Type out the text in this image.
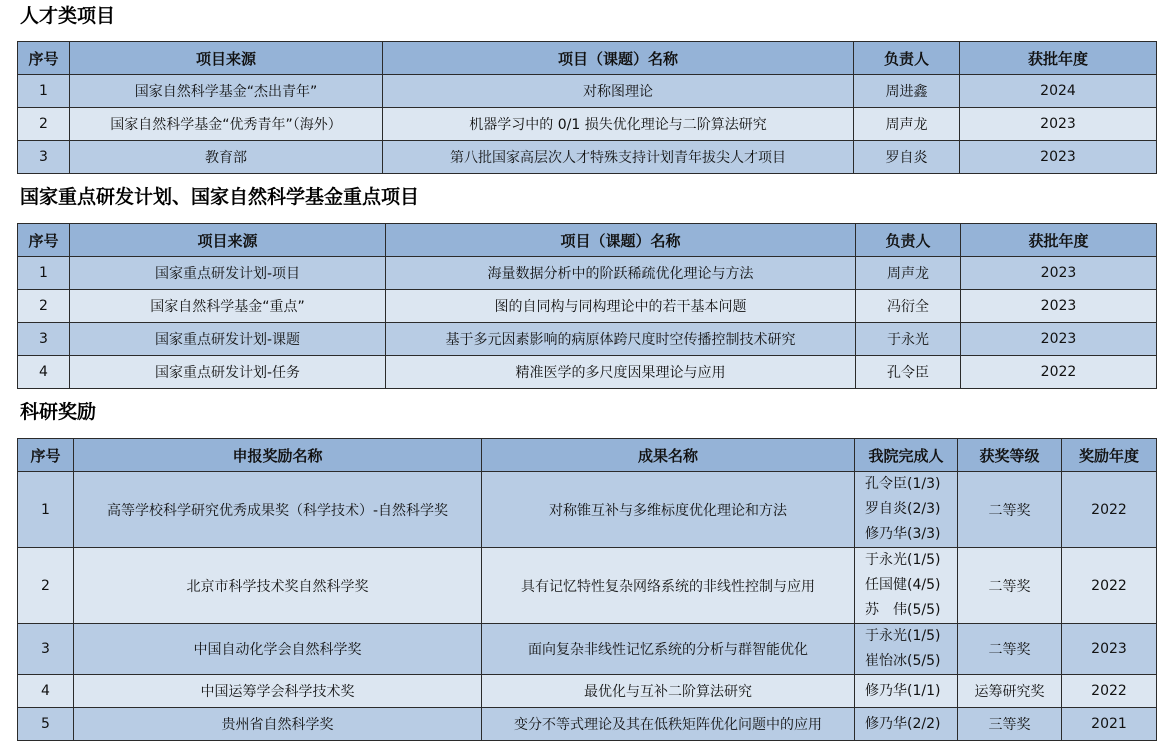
人才类项目
序号	项目来源	项目（课题）名称	负责人	获批年度
1	国家自然科学基金“杰出青年”	对称图理论	周进鑫	2024
2	国家自然科学基金“优秀青年”（海外）	机器学习中的 0/1 损失优化理论与二阶算法研究	周声龙	2023
3	教育部	第八批国家高层次人才特殊支持计划青年拔尖人才项目	罗自炎	2023
国家重点研发计划、国家自然科学基金重点项目
序号	项目来源	项目（课题）名称	负责人	获批年度
1	国家重点研发计划-项目	海量数据分析中的阶跃稀疏优化理论与方法	周声龙	2023
2	国家自然科学基金“重点”	图的自同构与同构理论中的若干基本问题	冯衍全	2023
3	国家重点研发计划-课题	基于多元因素影响的病原体跨尺度时空传播控制技术研究	于永光	2023
4	国家重点研发计划-任务	精准医学的多尺度因果理论与应用	孔令臣	2022
科研奖励
序号	申报奖励名称	成果名称	我院完成人	获奖等级	奖励年度
1	高等学校科学研究优秀成果奖（科学技术）-自然科学奖	对称锥互补与多维标度优化理论和方法	孔令臣(1/3)
罗自炎(2/3)
修乃华(3/3)	二等奖	2022
2	北京市科学技术奖自然科学奖	具有记忆特性复杂网络系统的非线性控制与应用	于永光(1/5)
任国健(4/5)
苏　伟(5/5)	二等奖	2022
3	中国自动化学会自然科学奖	面向复杂非线性记忆系统的分析与群智能优化	于永光(1/5)
崔怡冰(5/5)	二等奖	2023
4	中国运筹学会科学技术奖	最优化与互补二阶算法研究	修乃华(1/1)	运筹研究奖	2022
5	贵州省自然科学奖	变分不等式理论及其在低秩矩阵优化问题中的应用	修乃华(2/2)	三等奖	2021
